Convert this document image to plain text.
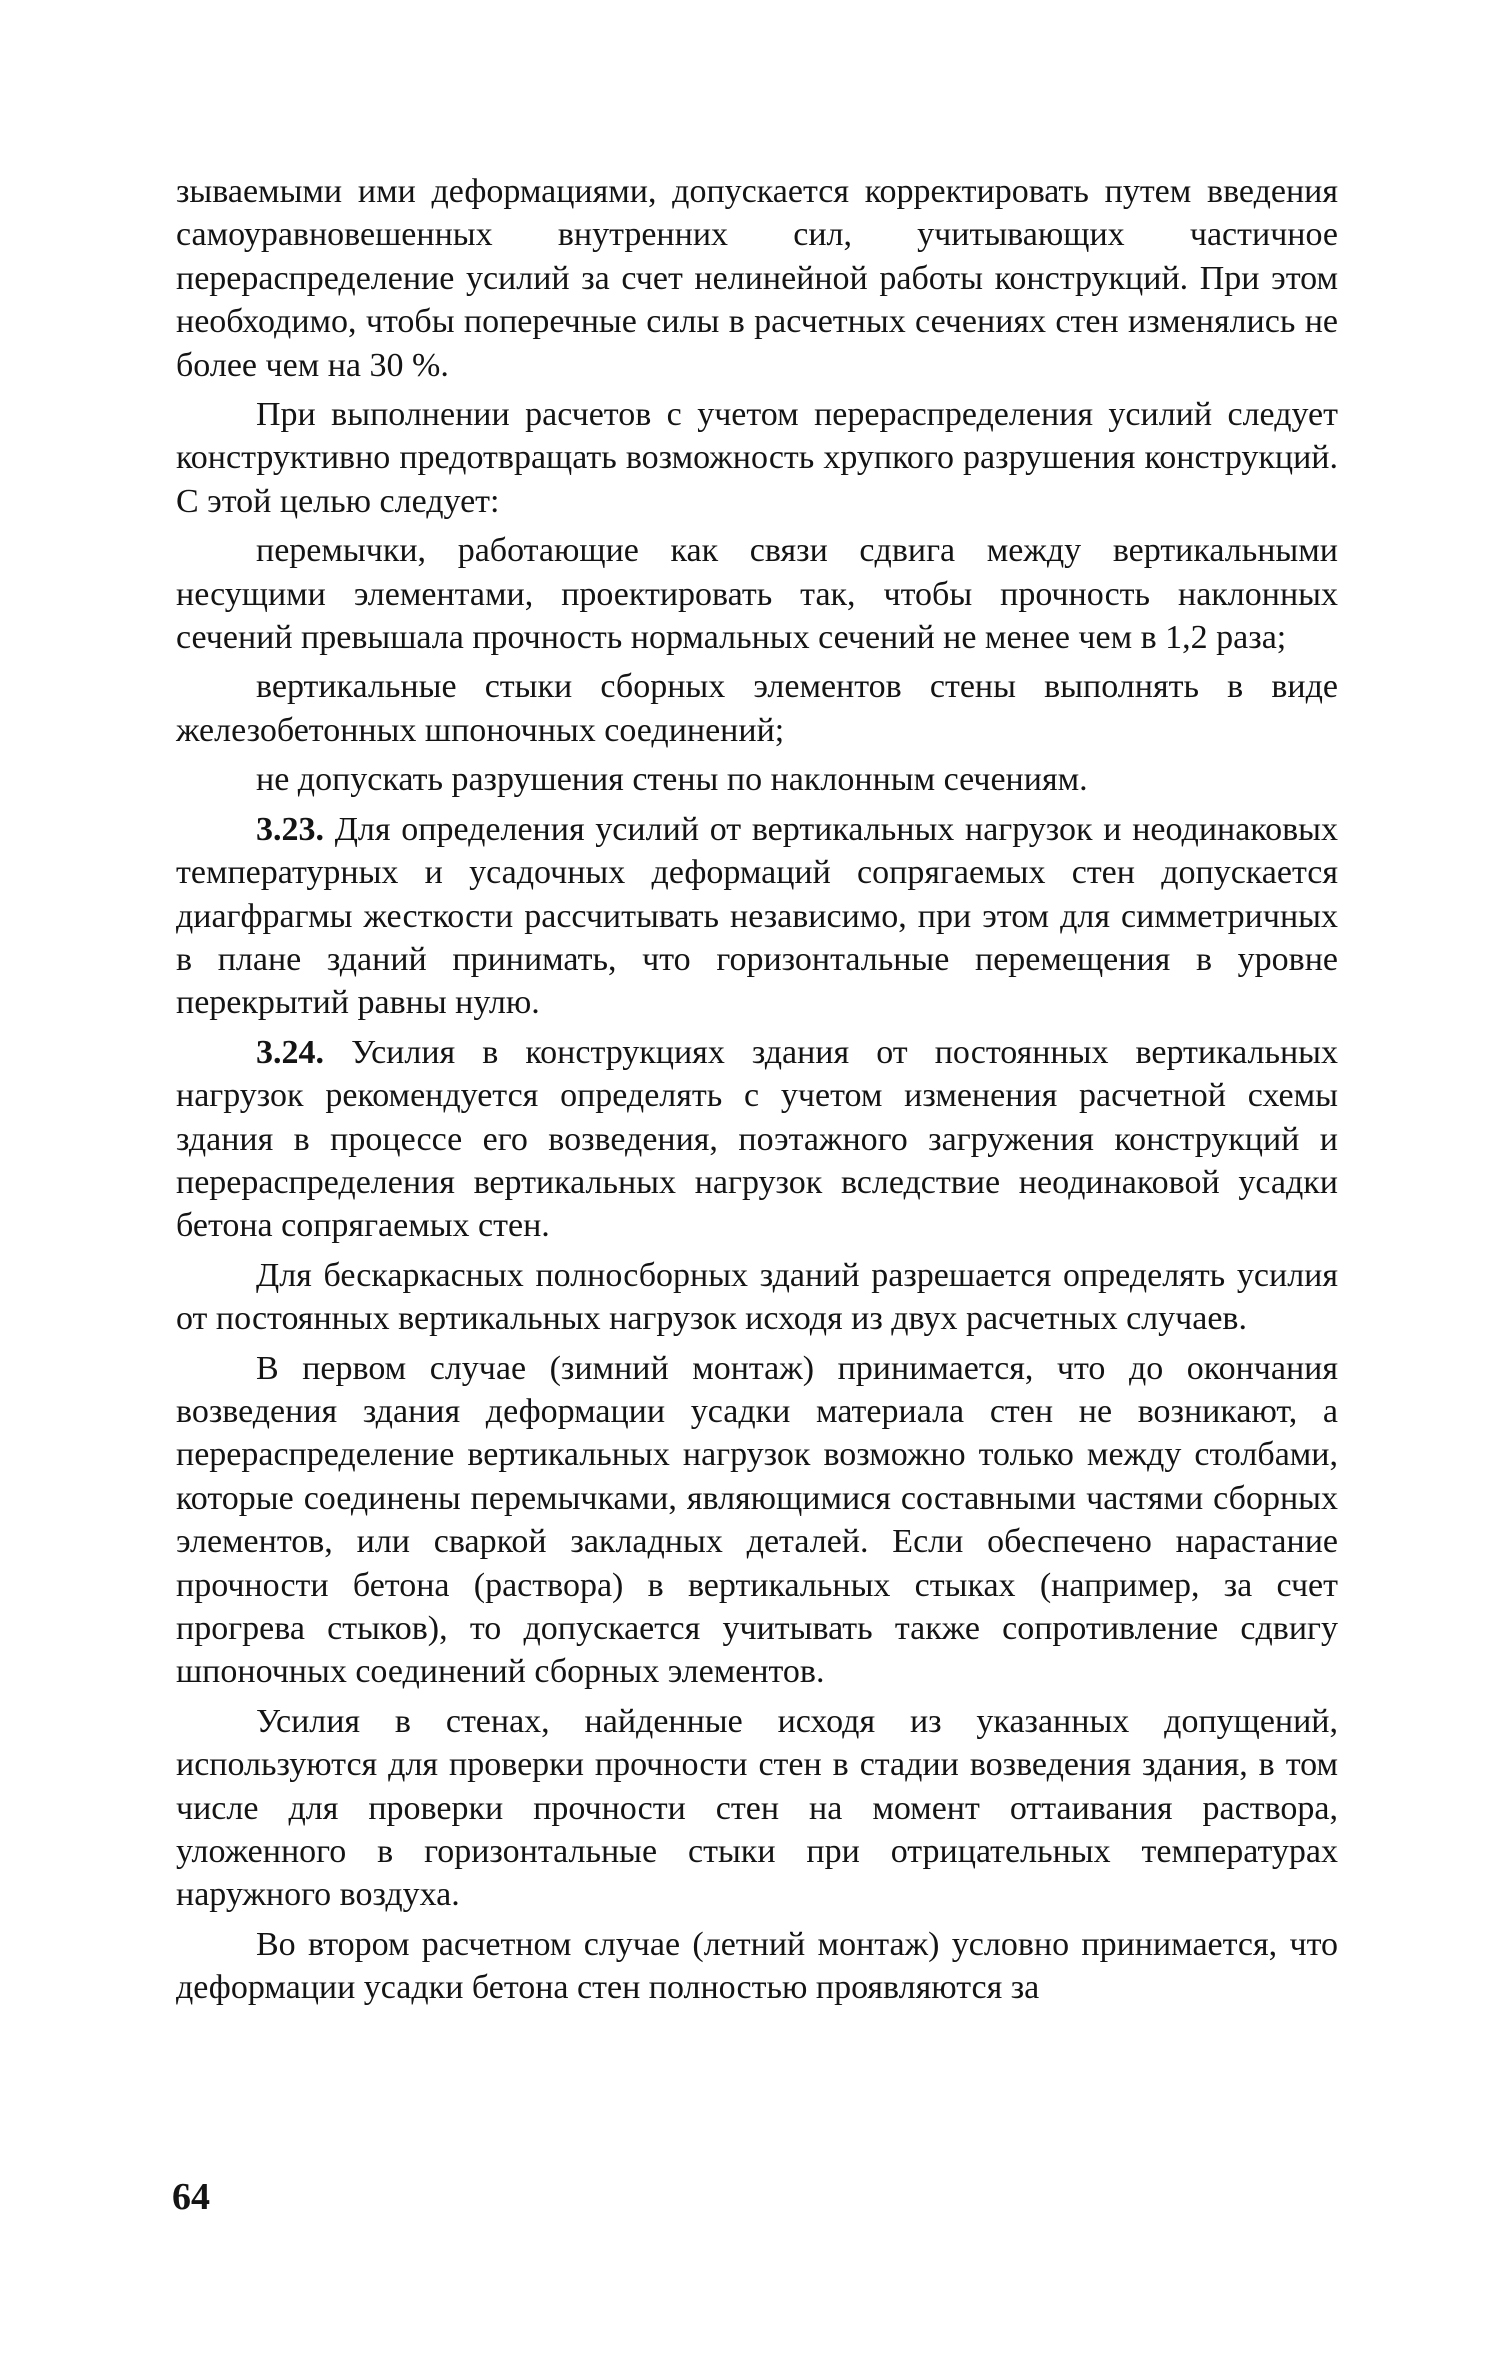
зываемыми ими деформациями, допускается корректировать путем введения самоуравновешенных внутренних сил, учитывающих частичное перераспределение усилий за счет нелинейной работы конструкций. При этом необходимо, чтобы поперечные силы в расчетных сечениях стен изменялись не более чем на 30 %.

При выполнении расчетов с учетом перераспределения усилий следует конструктивно предотвращать возможность хрупкого разрушения конструкций. С этой целью следует:

перемычки, работающие как связи сдвига между вертикальными несущими элементами, проектировать так, чтобы прочность наклонных сечений превышала прочность нормальных сечений не менее чем в 1,2 раза;

вертикальные стыки сборных элементов стены выполнять в виде железобетонных шпоночных соединений;

не допускать разрушения стены по наклонным сечениям.

3.23. Для определения усилий от вертикальных нагрузок и неодинаковых температурных и усадочных деформаций сопрягаемых стен допускается диагфрагмы жесткости рассчитывать независимо, при этом для симметричных в плане зданий принимать, что горизонтальные перемещения в уровне перекрытий равны нулю.

3.24. Усилия в конструкциях здания от постоянных вертикальных нагрузок рекомендуется определять с учетом изменения расчетной схемы здания в процессе его возведения, поэтажного загружения конструкций и перераспределения вертикальных нагрузок вследствие неодинаковой усадки бетона сопрягаемых стен.

Для бескаркасных полносборных зданий разрешается определять усилия от постоянных вертикальных нагрузок исходя из двух расчетных случаев.

В первом случае (зимний монтаж) принимается, что до окончания возведения здания деформации усадки материала стен не возникают, а перераспределение вертикальных нагрузок возможно только между столбами, которые соединены перемычками, являющимися составными частями сборных элементов, или сваркой закладных деталей. Если обеспечено нарастание прочности бетона (раствора) в вертикальных стыках (например, за счет прогрева стыков), то допускается учитывать также сопротивление сдвигу шпоночных соединений сборных элементов.

Усилия в стенах, найденные исходя из указанных допущений, используются для проверки прочности стен в стадии возведения здания, в том числе для проверки прочности стен на момент оттаивания раствора, уложенного в горизонтальные стыки при отрицательных температурах наружного воздуха.

Во втором расчетном случае (летний монтаж) условно принимается, что деформации усадки бетона стен полностью проявляются за

64
